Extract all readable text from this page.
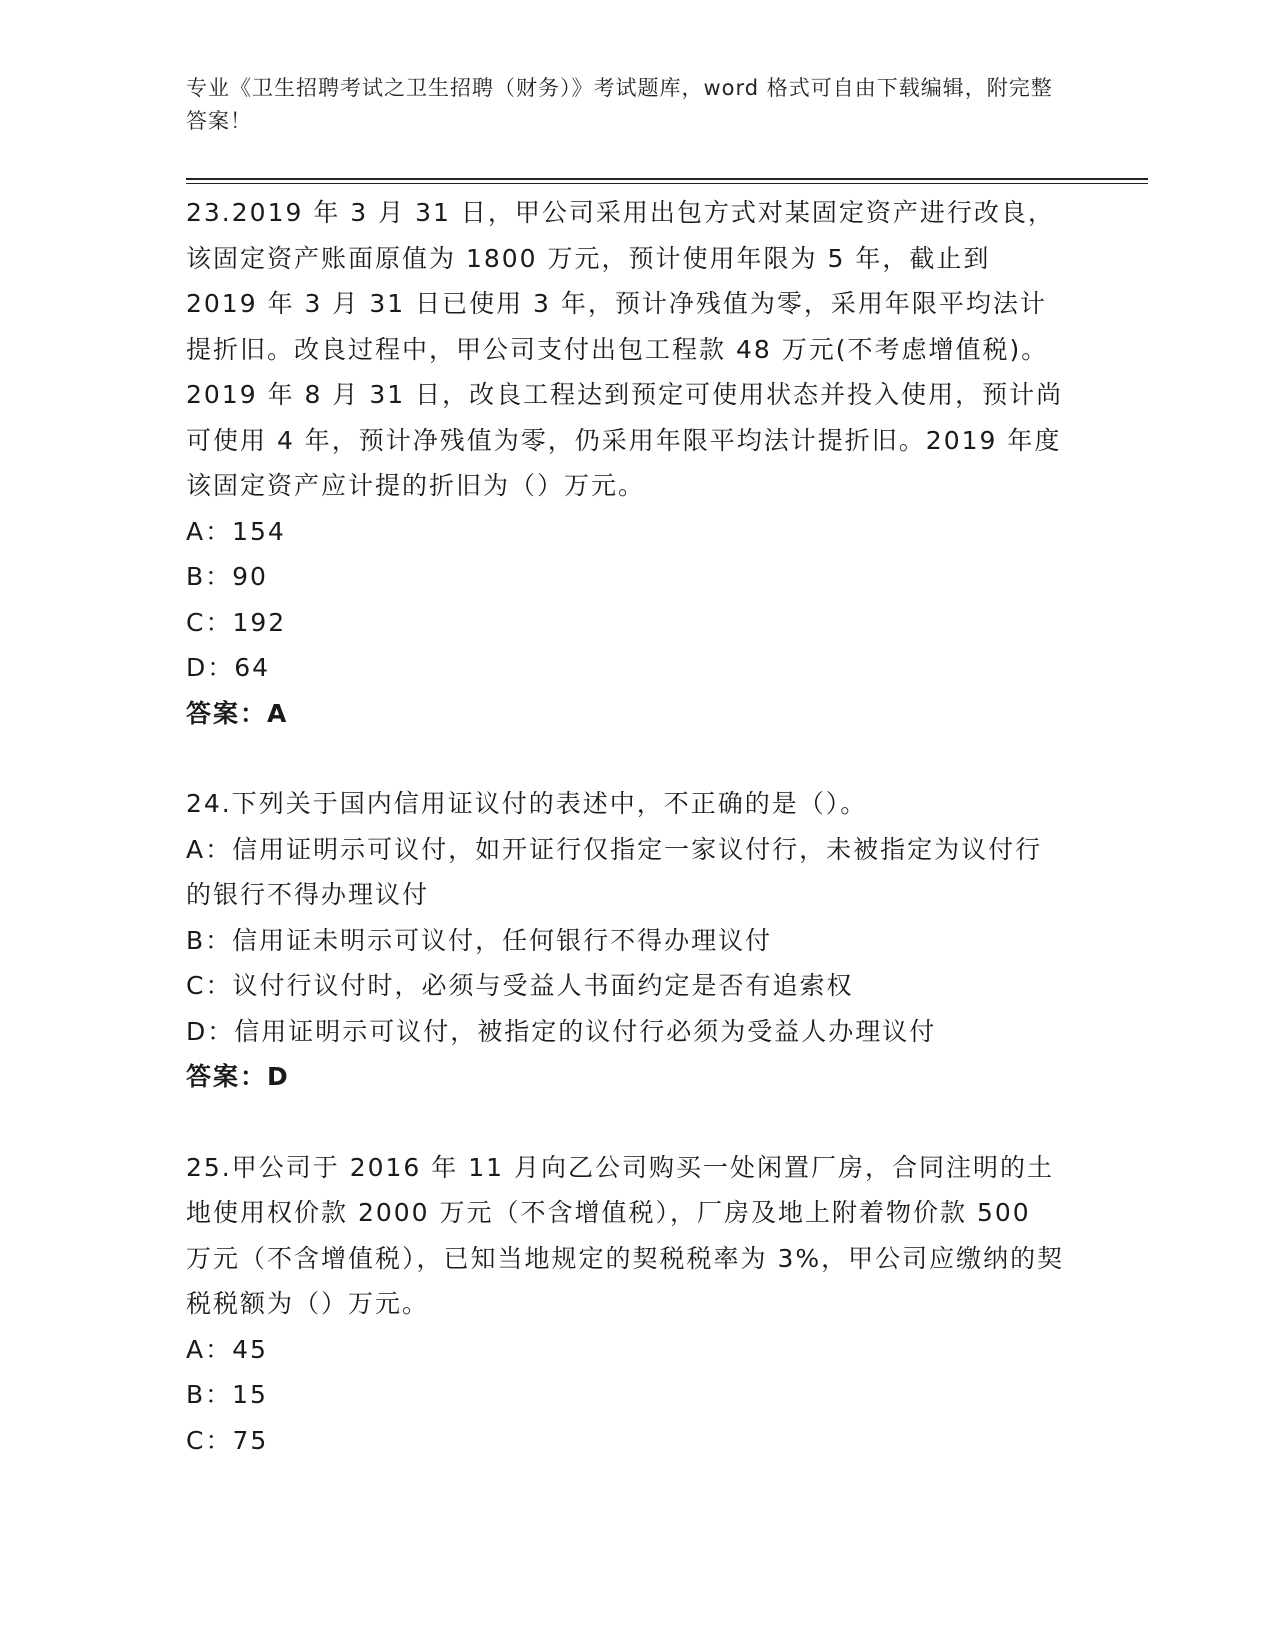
专业《卫生招聘考试之卫生招聘（财务）》考试题库，word 格式可自由下载编辑，附完整答案！

23.2019 年 3 月 31 日，甲公司采用出包方式对某固定资产进行改良，该固定资产账面原值为 1800 万元，预计使用年限为 5 年，截止到 2019 年 3 月 31 日已使用 3 年，预计净残值为零，采用年限平均法计提折旧。改良过程中，甲公司支付出包工程款 48 万元(不考虑增值税)。2019 年 8 月 31 日，改良工程达到预定可使用状态并投入使用，预计尚可使用 4 年，预计净残值为零，仍采用年限平均法计提折旧。2019 年度该固定资产应计提的折旧为（）万元。

A：154
B：90
C：192
D：64
答案：A

24.下列关于国内信用证议付的表述中，不正确的是（）。

A：信用证明示可议付，如开证行仅指定一家议付行，未被指定为议付行的银行不得办理议付
B：信用证未明示可议付，任何银行不得办理议付
C：议付行议付时，必须与受益人书面约定是否有追索权
D：信用证明示可议付，被指定的议付行必须为受益人办理议付
答案：D

25.甲公司于 2016 年 11 月向乙公司购买一处闲置厂房，合同注明的土地使用权价款 2000 万元（不含增值税），厂房及地上附着物价款 500 万元（不含增值税），已知当地规定的契税税率为 3%，甲公司应缴纳的契税税额为（）万元。

A：45
B：15
C：75
